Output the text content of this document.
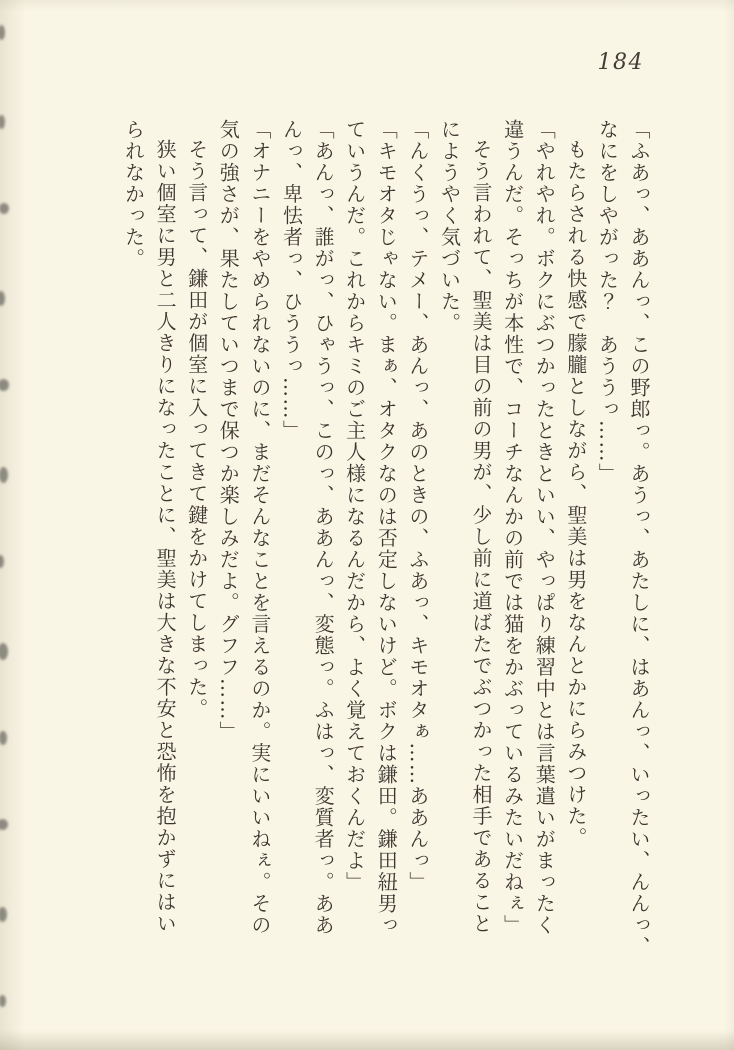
184
「ふあっ、ああんっ、この野郎っ。あうっ、あたしに、はあんっ、いったい、んんっ、
なにをしやがった？　あううっ……」
もたらされる快感で朦朧としながら、聖美は男をなんとかにらみつけた。
「やれやれ。ボクにぶつかったときといい、やっぱり練習中とは言葉遣いがまったく
違うんだ。そっちが本性で、コーチなんかの前では猫をかぶっているみたいだねぇ」
そう言われて、聖美は目の前の男が、少し前に道ばたでぶつかった相手であること
にようやく気づいた。
「んくうっ、テメー、あんっ、あのときの、ふあっ、キモオタぁ……ああんっ」
「キモオタじゃない。まぁ、オタクなのは否定しないけど。ボクは鎌田。鎌田紐男っ
ていうんだ。これからキミのご主人様になるんだから、よく覚えておくんだよ」
「あんっ、誰がっ、ひゃうっ、このっ、ああんっ、変態っ。ふはっ、変質者っ。ああ
んっ、卑怯者っ、ひううっ……」
「オナニーをやめられないのに、まだそんなことを言えるのか。実にいいねぇ。その
気の強さが、果たしていつまで保つか楽しみだよ。グフフ……」
そう言って、鎌田が個室に入ってきて鍵をかけてしまった。
狭い個室に男と二人きりになったことに、聖美は大きな不安と恐怖を抱かずにはい
られなかった。
